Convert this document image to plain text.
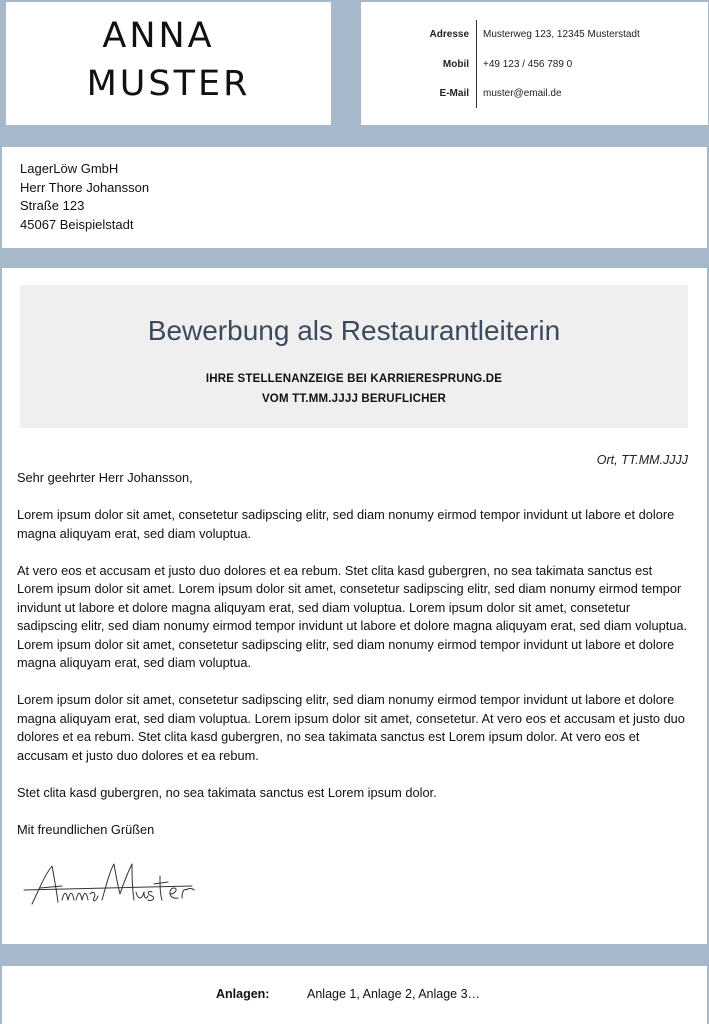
ANNA
MUSTER
Adresse Musterweg 123, 12345 Musterstadt
Mobil +49 123 / 456 789 0
E-Mail muster@email.de
LagerLöw GmbH
Herr Thore Johansson
Straße 123
45067 Beispielstadt
Bewerbung als Restaurantleiterin
IHRE STELLENANZEIGE BEI KARRIERESPRUNG.DE
VOM TT.MM.JJJJ BERUFLICHER
Ort, TT.MM.JJJJ

Sehr geehrter Herr Johansson,

Lorem ipsum dolor sit amet, consetetur sadipscing elitr, sed diam nonumy eirmod tempor invidunt ut labore et dolore magna aliquyam erat, sed diam voluptua.

At vero eos et accusam et justo duo dolores et ea rebum. Stet clita kasd gubergren, no sea takimata sanctus est Lorem ipsum dolor sit amet. Lorem ipsum dolor sit amet, consetetur sadipscing elitr, sed diam nonumy eirmod tempor invidunt ut labore et dolore magna aliquyam erat, sed diam voluptua. Lorem ipsum dolor sit amet, consetetur sadipscing elitr, sed diam nonumy eirmod tempor invidunt ut labore et dolore magna aliquyam erat, sed diam voluptua. Lorem ipsum dolor sit amet, consetetur sadipscing elitr, sed diam nonumy eirmod tempor invidunt ut labore et dolore magna aliquyam erat, sed diam voluptua.

Lorem ipsum dolor sit amet, consetetur sadipscing elitr, sed diam nonumy eirmod tempor invidunt ut labore et dolore magna aliquyam erat, sed diam voluptua. Lorem ipsum dolor sit amet, consetetur. At vero eos et accusam et justo duo dolores et ea rebum. Stet clita kasd gubergren, no sea takimata sanctus est Lorem ipsum dolor. At vero eos et accusam et justo duo dolores et ea rebum.

Stet clita kasd gubergren, no sea takimata sanctus est Lorem ipsum dolor.

Mit freundlichen Grüßen

Anlagen:	Anlage 1, Anlage 2, Anlage 3…
